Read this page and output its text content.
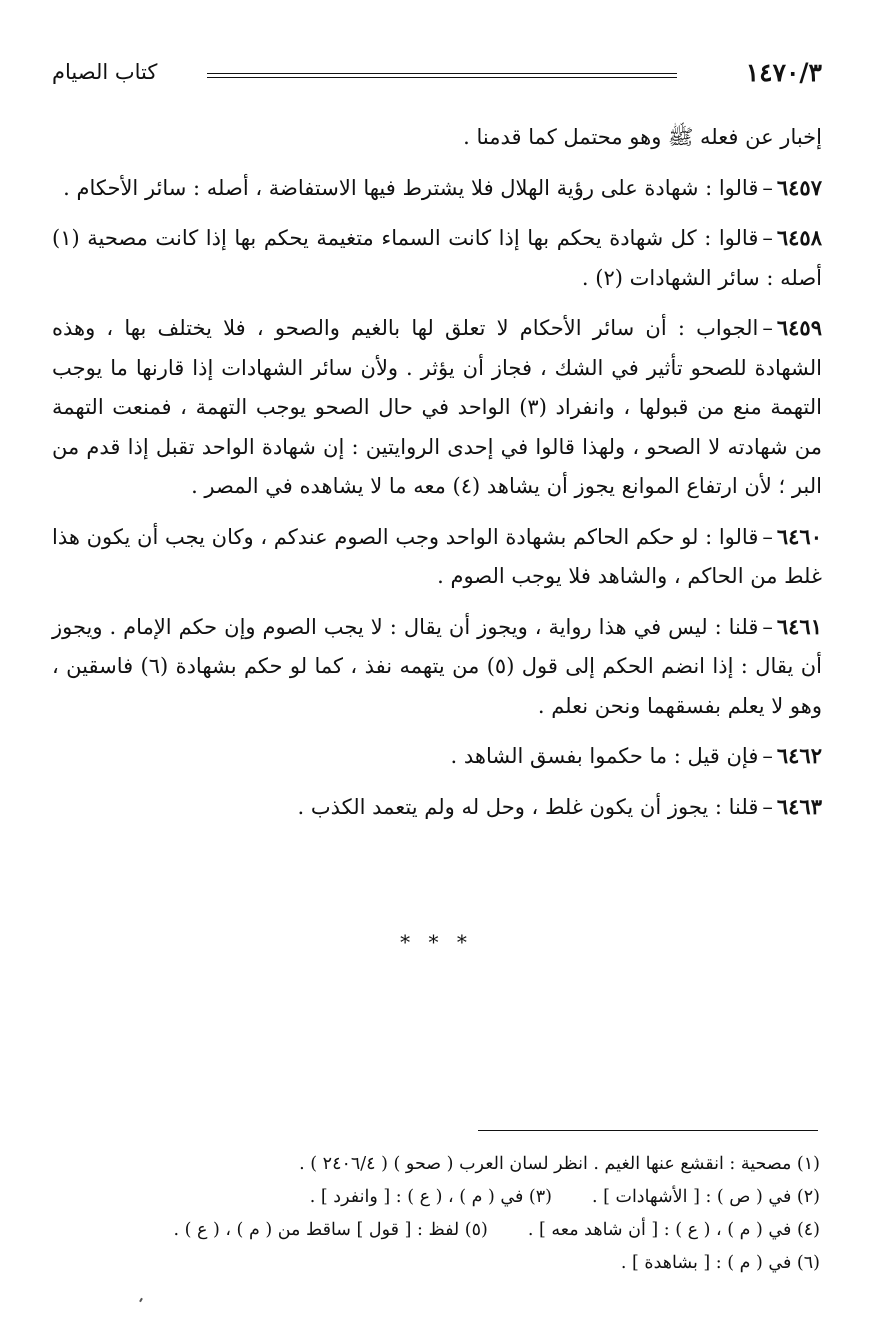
١٤٧٠/٣
كتاب الصيام

إخبار عن فعله ﷺ وهو محتمل كما قدمنا .

٦٤٥٧–قالوا : شهادة على رؤية الهلال فلا يشترط فيها الاستفاضة ، أصله : سائر الأحكام .

٦٤٥٨–قالوا : كل شهادة يحكم بها إذا كانت السماء متغيمة يحكم بها إذا كانت مصحية (١) أصله : سائر الشهادات (٢) .

٦٤٥٩–الجواب : أن سائر الأحكام لا تعلق لها بالغيم والصحو ، فلا يختلف بها ، وهذه الشهادة للصحو تأثير في الشك ، فجاز أن يؤثر . ولأن سائر الشهادات إذا قارنها ما يوجب التهمة منع من قبولها ، وانفراد (٣) الواحد في حال الصحو يوجب التهمة ، فمنعت التهمة من شهادته لا الصحو ، ولهذا قالوا في إحدى الروايتين : إن شهادة الواحد تقبل إذا قدم من البر ؛ لأن ارتفاع الموانع يجوز أن يشاهد (٤) معه ما لا يشاهده في المصر .

٦٤٦٠–قالوا : لو حكم الحاكم بشهادة الواحد وجب الصوم عندكم ، وكان يجب أن يكون هذا غلط من الحاكم ، والشاهد فلا يوجب الصوم .

٦٤٦١–قلنا : ليس في هذا رواية ، ويجوز أن يقال : لا يجب الصوم وإن حكم الإمام . ويجوز أن يقال : إذا انضم الحكم إلى قول (٥) من يتهمه نفذ ، كما لو حكم بشهادة (٦) فاسقين ، وهو لا يعلم بفسقهما ونحن نعلم .

٦٤٦٢–فإن قيل : ما حكموا بفسق الشاهد .

٦٤٦٣–قلنا : يجوز أن يكون غلط ، وحل له ولم يتعمد الكذب .

* * *
(١) مصحية : انقشع عنها الغيم . انظر لسان العرب ( صحو ) ( ٢٤٠٦/٤ ) .
(٢) في ( ص ) : [ الأشهادات ] .(٣) في ( م ) ، ( ع ) : [ وانفرد ] .
(٤) في ( م ) ، ( ع ) : [ أن شاهد معه ] .(٥) لفظ : [ قول ] ساقط من ( م ) ، ( ع ) .
(٦) في ( م ) : [ بشاهدة ] .
